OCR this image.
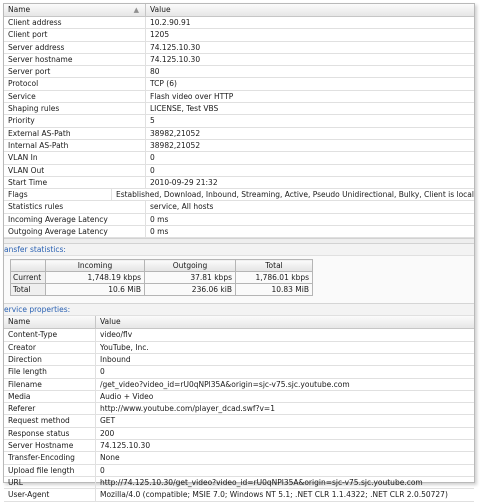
Name	▲	Value
Client address	10.2.90.91
Client port	1205
Server address	74.125.10.30
Server hostname	74.125.10.30
Server port	80
Protocol	TCP (6)
Service	Flash video over HTTP
Shaping rules	LICENSE, Test VBS
Priority	5
External AS-Path	38982,21052
Internal AS-Path	38982,21052
VLAN In	0
VLAN Out	0
Start Time	2010-09-29 21:32
Flags	Established, Download, Inbound, Streaming, Active, Pseudo Unidirectional, Bulky, Client is local
Statistics rules	service, All hosts
Incoming Average Latency	0 ms
Outgoing Average Latency	0 ms
ansfer statistics:
	Incoming	Outgoing	Total
Current	1,748.19 kbps	37.81 kbps	1,786.01 kbps
Total	10.6 MiB	236.06 kiB	10.83 MiB
ervice properties:
Name	Value
Content-Type	video/flv
Creator	YouTube, Inc.
Direction	Inbound
File length	0
Filename	/get_video?video_id=rU0qNPl35A&origin=sjc-v75.sjc.youtube.com
Media	Audio + Video
Referer	http://www.youtube.com/player_dcad.swf?v=1
Request method	GET
Response status	200
Server Hostname	74.125.10.30
Transfer-Encoding	None
Upload file length	0
URL	http://74.125.10.30/get_video?video_id=rU0qNPl35A&origin=sjc-v75.sjc.youtube.com
User-Agent	Mozilla/4.0 (compatible; MSIE 7.0; Windows NT 5.1; .NET CLR 1.1.4322; .NET CLR 2.0.50727)
